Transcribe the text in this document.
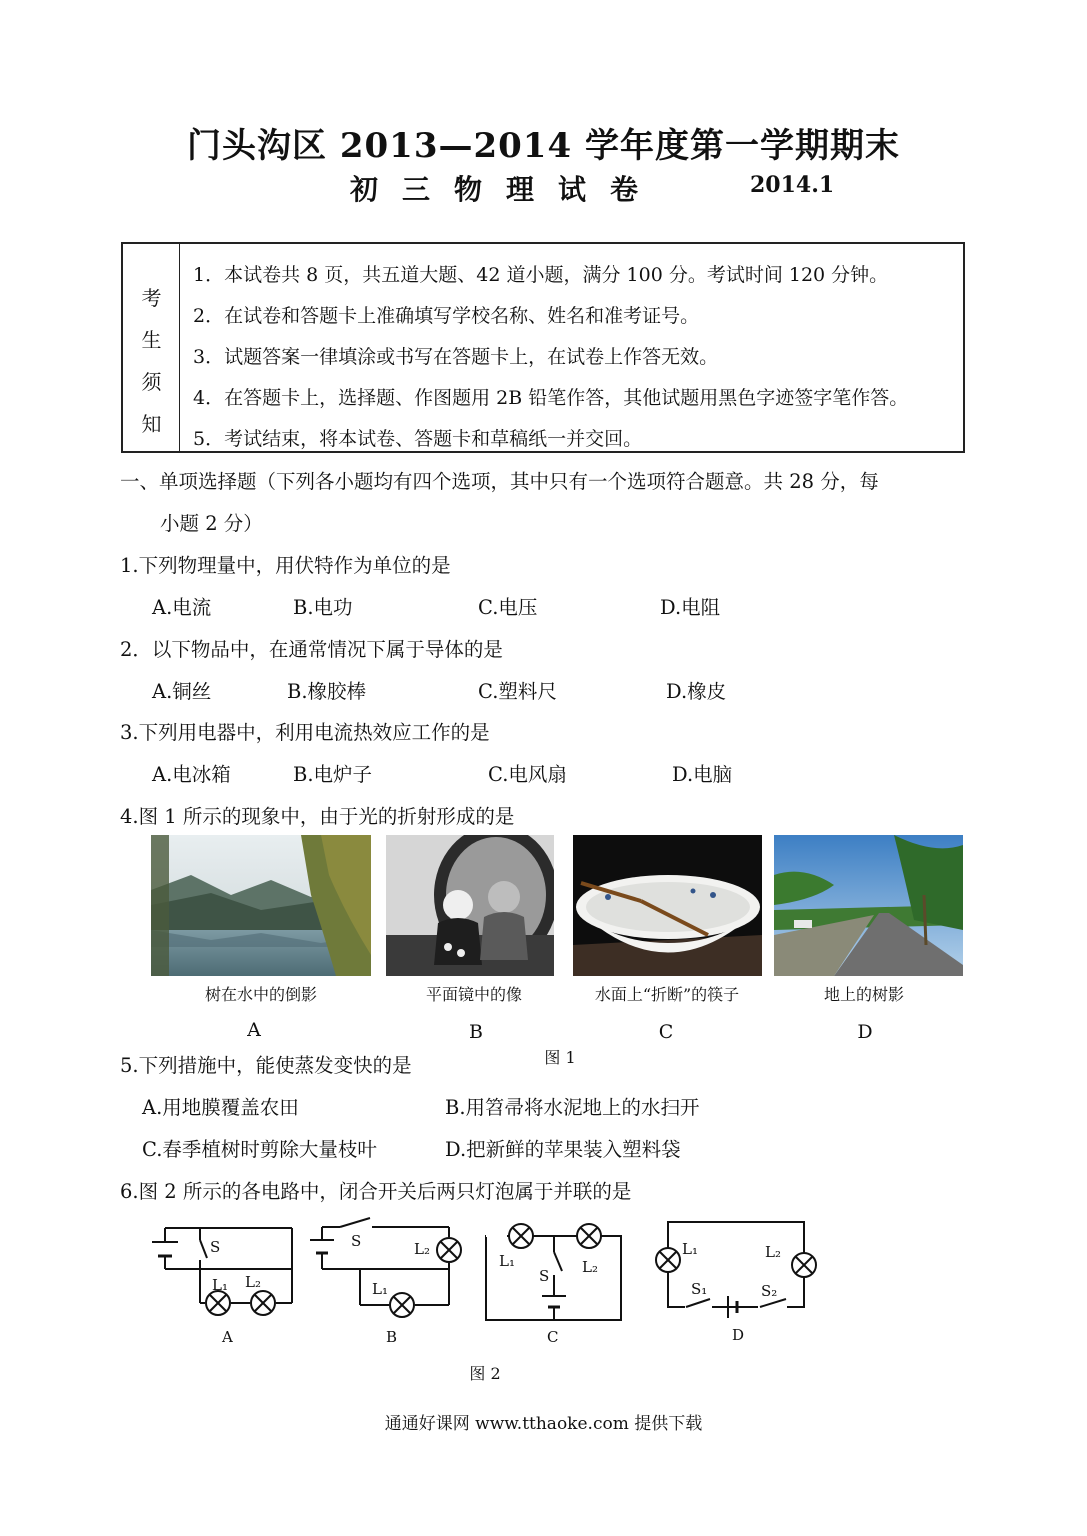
门头沟区 2013—2014 学年度第一学期期末
初三物理试卷	2014.1
考
生
须
知
1．本试卷共 8 页，共五道大题、42 道小题，满分 100 分。考试时间 120 分钟。
2．在试卷和答题卡上准确填写学校名称、姓名和准考证号。
3．试题答案一律填涂或书写在答题卡上，在试卷上作答无效。
4．在答题卡上，选择题、作图题用 2B 铅笔作答，其他试题用黑色字迹签字笔作答。
5．考试结束，将本试卷、答题卡和草稿纸一并交回。
一、单项选择题（下列各小题均有四个选项，其中只有一个选项符合题意。共 28 分，每
小题 2 分）
1.下列物理量中，用伏特作为单位的是
A.电流	B.电功	C.电压	D.电阻
2．以下物品中，在通常情况下属于导体的是
A.铜丝	B.橡胶棒	C.塑料尺	D.橡皮
3.下列用电器中，利用电流热效应工作的是
A.电冰箱	B.电炉子	C.电风扇	D.电脑
4.图 1 所示的现象中，由于光的折射形成的是
树在水中的倒影	平面镜中的像	水面上“折断”的筷子	地上的树影
A	B	C	D
图 1
5.下列措施中，能使蒸发变快的是
A.用地膜覆盖农田	B.用笤帚将水泥地上的水扫开
C.春季植树时剪除大量枝叶	D.把新鲜的苹果装入塑料袋
6.图 2 所示的各电路中，闭合开关后两只灯泡属于并联的是
S
L₁ L₂
A
S	L₂
L₁
B
L₁	L₂
S
C
L₁	L₂
S₁	S₂
D
图 2
通通好课网 www.tthaoke.com 提供下载
